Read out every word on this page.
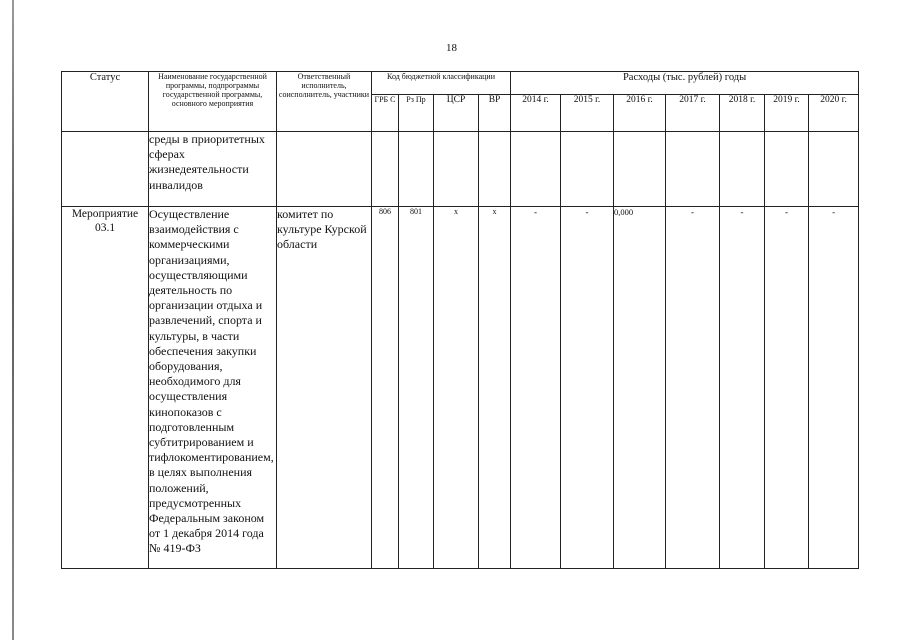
18
Статус	Наименование государственной программы, подпрограммы государственной программы, основного мероприятия	Ответственный исполнитель, соисполнитель, участники	Код бюджетной классификации				Расходы (тыс. рублей) годы						
			ГРБ С	Рз Пр	ЦСР	ВР	2014 г.	2015 г.	2016 г.	2017 г.	2018 г.	2019 г.	2020 г.
	среды в приоритетных сферах жизнедеятельности инвалидов												
Мероприятие 03.1	Осуществление взаимодействия с коммерческими организациями, осуществляющими деятельность по организации отдыха и развлечений, спорта и культуры, в части обеспечения закупки оборудования, необходимого для осуществления кинопоказов с подготовленным субтитрированием и тифлокоментированием, в целях выполнения положений, предусмотренных Федеральным законом от 1 декабря 2014 года № 419-ФЗ	комитет по культуре Курской области	806	801	х	х	-	-	0,000	-	-	-	-
